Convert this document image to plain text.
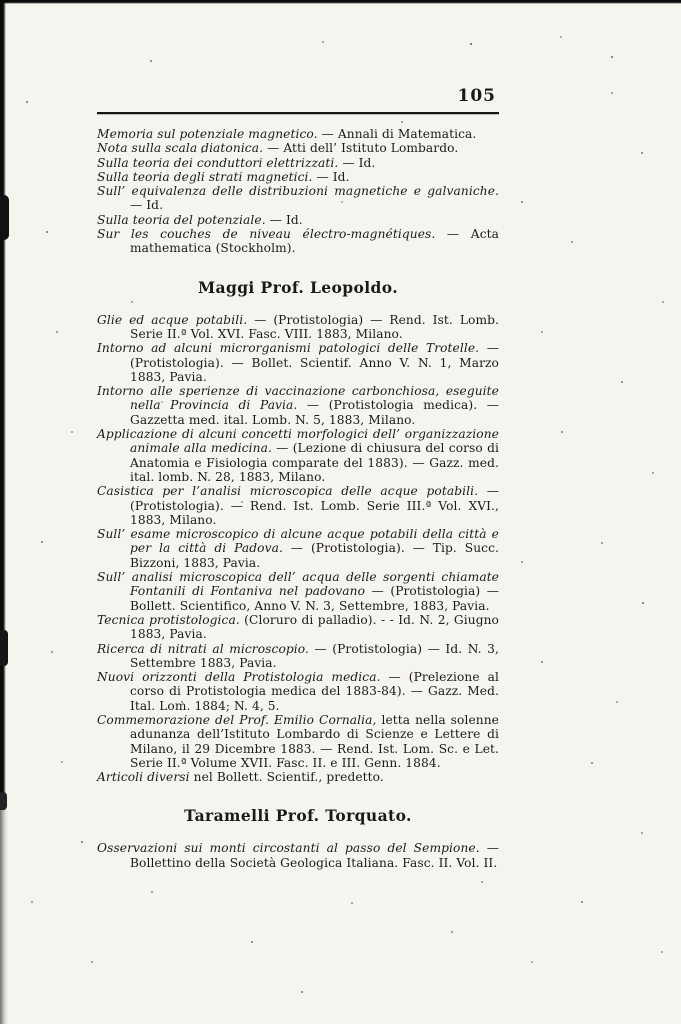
105

Memoria sul potenziale magnetico. — Annali di Matematica.

Nota sulla scala diatonica. — Atti dell’ Istituto Lombardo.

Sulla teoria dei conduttori elettrizzati. — Id.

Sulla teoria degli strati magnetici. — Id.

Sull’ equivalenza delle distribuzioni magnetiche e galvaniche. — Id.

Sulla teoria del potenziale. — Id.

Sur les couches de niveau électro-magnétiques. — Acta mathematica (Stockholm).

Maggi Prof. Leopoldo.

Glie ed acque potabili. — (Protistologia) — Rend. Ist. Lomb. Serie II.ª Vol. XVI. Fasc. VIII. 1883, Milano.

Intorno ad alcuni microrganismi patologici delle Trotelle. — (Protistologia). — Bollet. Scientif. Anno V. N. 1, Marzo 1883, Pavia.

Intorno alle sperienze di vaccinazione carbonchiosa, eseguite nella Provincia di Pavia. — (Protistologia medica). — Gazzetta med. ital. Lomb. N. 5, 1883, Milano.

Applicazione di alcuni concetti morfologici dell’ organizzazione animale alla medicina. — (Lezione di chiusura del corso di Anatomia e Fisiologia comparate del 1883). — Gazz. med. ital. lomb. N. 28, 1883, Milano.

Casistica per l’analisi microscopica delle acque potabili. — (Protistologia). — Rend. Ist. Lomb. Serie III.ª Vol. XVI., 1883, Milano.

Sull’ esame microscopico di alcune acque potabili della città e per la città di Padova. — (Protistologia). — Tip. Succ. Bizzoni, 1883, Pavia.

Sull’ analisi microscopica dell’ acqua delle sorgenti chiamate Fontanili di Fontaniva nel padovano — (Protistologia) — Bollett. Scientifico, Anno V. N. 3, Settembre, 1883, Pavia.

Tecnica protistologica. (Cloruro di palladio). - - Id. N. 2, Giugno 1883, Pavia.

Ricerca di nitrati al microscopio. — (Protistologia) — Id. N. 3, Settembre 1883, Pavia.

Nuovi orizzonti della Protistologia medica. — (Prelezione al corso di Protistologia medica del 1883-84). — Gazz. Med. Ital. Lom. 1884; N. 4, 5.

Commemorazione del Prof. Emilio Cornalia, letta nella solenne adunanza dell’Istituto Lombardo di Scienze e Lettere di Milano, il 29 Dicembre 1883. — Rend. Ist. Lom. Sc. e Let. Serie II.ª Volume XVII. Fasc. II. e III. Genn. 1884.

Articoli diversi nel Bollett. Scientif., predetto.

Taramelli Prof. Torquato.

Osservazioni sui monti circostanti al passo del Sempione. — Bollettino della Società Geologica Italiana. Fasc. II. Vol. II.
